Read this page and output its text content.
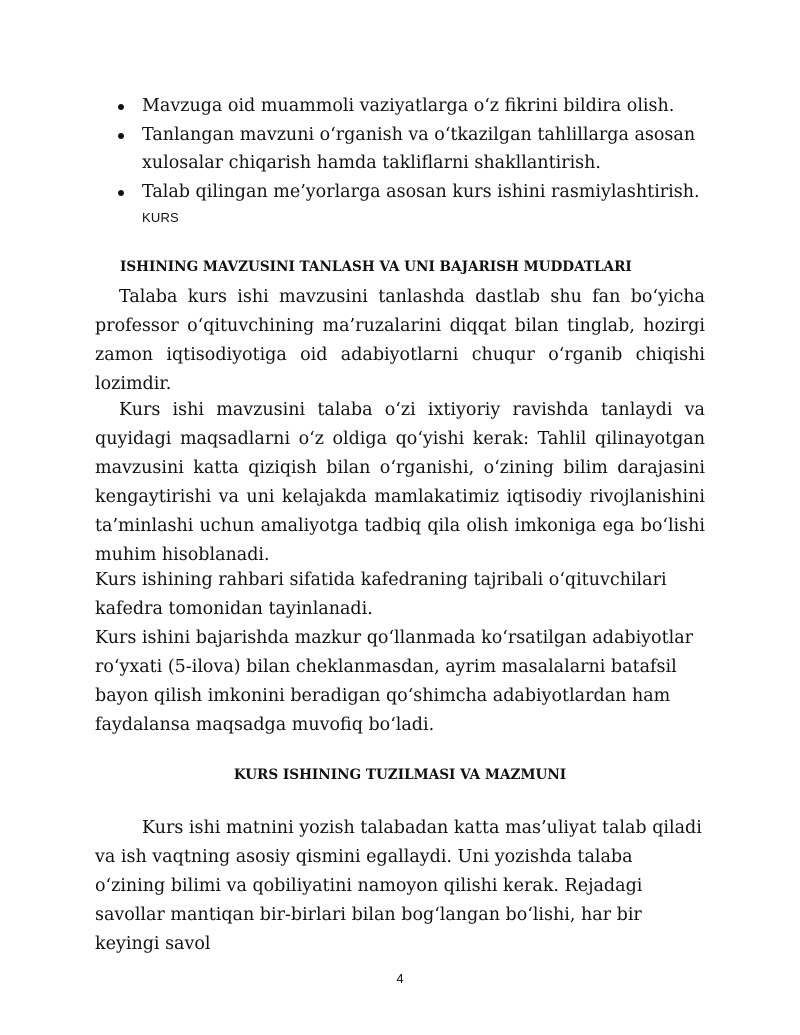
Mavzuga oid muammoli vaziyatlarga o‘z fikrini bildira olish.
Tanlangan mavzuni o‘rganish va o‘tkazilgan tahlillarga asosan xulosalar chiqarish hamda takliflarni shakllantirish.
Talab qilingan me’yorlarga asosan kurs ishini rasmiylashtirish.
KURS
ISHINING MAVZUSINI TANLASH VA UNI BAJARISH MUDDATLARI

Talaba kurs ishi mavzusini tanlashda dastlab shu fan bo‘yicha professor o‘qituvchining ma’ruzalarini diqqat bilan tinglab, hozirgi zamon iqtisodiyotiga oid adabiyotlarni chuqur o‘rganib chiqishi lozimdir.

Kurs ishi mavzusini talaba o‘zi ixtiyoriy ravishda tanlaydi va quyidagi maqsadlarni o‘z oldiga qo‘yishi kerak: Tahlil qilinayotgan mavzusini katta qiziqish bilan o‘rganishi, o‘zining bilim darajasini kengaytirishi va uni kelajakda mamlakatimiz iqtisodiy rivojlanishini ta’minlashi uchun amaliyotga tadbiq qila olish imkoniga ega bo‘lishi muhim hisoblanadi.

Kurs ishining rahbari sifatida kafedraning tajribali o‘qituvchilari kafedra tomonidan tayinlanadi.

Kurs ishini bajarishda mazkur qo‘llanmada ko‘rsatilgan adabiyotlar ro‘yxati (5-ilova) bilan cheklanmasdan, ayrim masalalarni batafsil bayon qilish imkonini beradigan qo‘shimcha adabiyotlardan ham faydalansa maqsadga muvofiq bo‘ladi.

KURS ISHINING TUZILMASI VA MAZMUNI

Kurs ishi matnini yozish talabadan katta mas’uliyat talab qiladi va ish vaqtning asosiy qismini egallaydi. Uni yozishda talaba o‘zining bilimi va qobiliyatini namoyon qilishi kerak. Rejadagi savollar mantiqan bir-birlari bilan bog‘langan bo‘lishi, har bir keyingi savol

4
